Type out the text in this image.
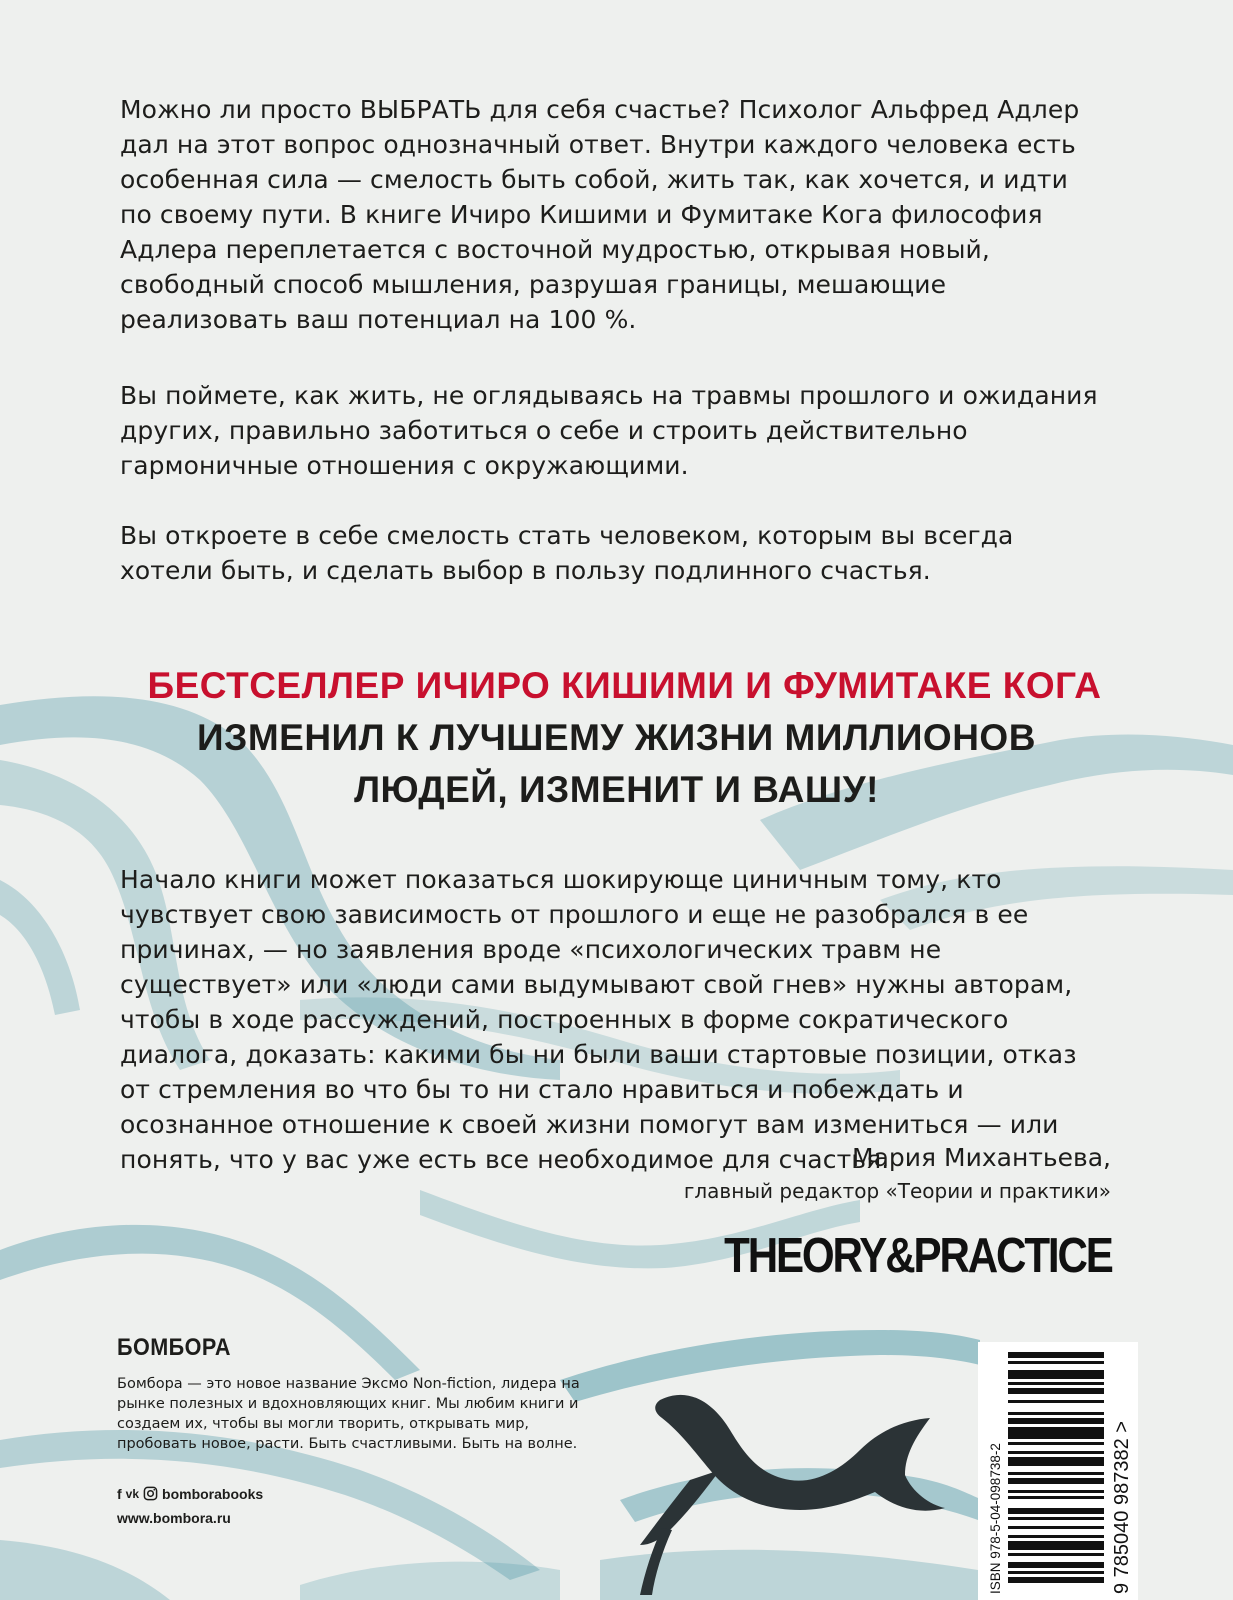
Можно ли просто ВЫБРАТЬ для себя счастье? Психолог Альфред Адлер дал на этот вопрос однозначный ответ. Внутри каждого человека есть особенная сила — смелость быть собой, жить так, как хочется, и идти по своему пути. В книге Ичиро Кишими и Фумитаке Кога философия Адлера переплетается с восточной мудростью, открывая новый, свободный способ мышления, разрушая границы, мешающие реализовать ваш потенциал на 100 %.

Вы поймете, как жить, не оглядываясь на травмы прошлого и ожидания других, правильно заботиться о себе и строить действительно гармоничные отношения с окружающими.

Вы откроете в себе смелость стать человеком, которым вы всегда хотели быть, и сделать выбор в пользу подлинного счастья.

БЕСТСЕЛЛЕР ИЧИРО КИШИМИ И ФУМИТАКЕ КОГА
ИЗМЕНИЛ К ЛУЧШЕМУ ЖИЗНИ МИЛЛИОНОВ
ЛЮДЕЙ, ИЗМЕНИТ И ВАШУ!

Начало книги может показаться шокирующе циничным тому, кто чувствует свою зависимость от прошлого и еще не разобрался в ее причинах, — но заявления вроде «психологических травм не существует» или «люди сами выдумывают свой гнев» нужны авторам, чтобы в ходе рассуждений, построенных в форме сократического диалога, доказать: какими бы ни были ваши стартовые позиции, отказ от стремления во что бы то ни стало нравиться и побеждать и осознанное отношение к своей жизни помогут вам измениться — или понять, что у вас уже есть все необходимое для счастья.

Мария Михантьева,

главный редактор «Теории и практики»

THEORY&PRACTICE
БОМБОРА

Бомбора — это новое название Эксмо Non-fiction, лидера на рынке полезных и вдохновляющих книг. Мы любим книги и создаем их, чтобы вы могли творить, открывать мир, пробовать новое, расти. Быть счастливыми. Быть на волне.

f vk bomborabooks
www.bombora.ru	ISBN 978-5-04-098738-2	9 785040 987382 >
